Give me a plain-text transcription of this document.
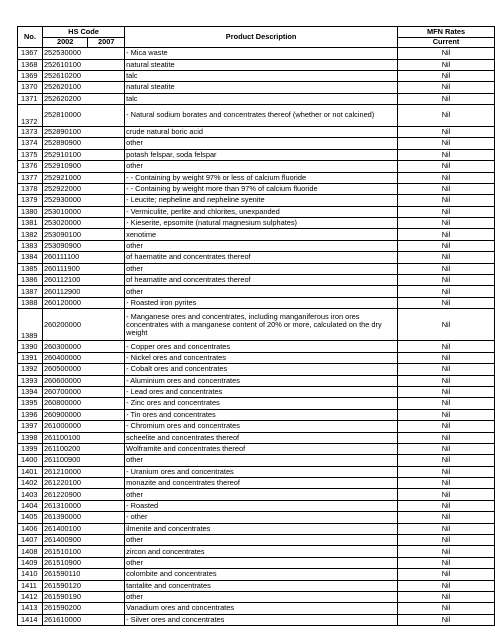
No.	HS Code		Product Description	MFN Rates
	2002	2007		Current
1367	252530000		- Mica waste	Nil
1368	252610100		natural steatite	Nil
1369	252610200		talc	Nil
1370	252620100		natural steatite	Nil
1371	252620200		talc	Nil
1372	252810000		- Natural sodium borates and concentrates thereof (whether or not calcined)	Nil
1373	252890100		crude natural boric acid	Nil
1374	252890900		other	Nil
1375	252910100		potash felspar, soda felspar	Nil
1376	252910900		other	Nil
1377	252921000		- - Containing by weight 97% or less of calcium fluoride	Nil
1378	252922000		- - Containing by weight more than 97% of calcium fluoride	Nil
1379	252930000		- Leucite; nepheline and nepheline syenite	Nil
1380	253010000		- Vermiculite, perlite and chlorites, unexpanded	Nil
1381	253020000		- Kieserite, epsomite (natural magnesium sulphates)	Nil
1382	253090100		xenotime	Nil
1383	253090900		other	Nil
1384	260111100		of haematite and concentrates thereof	Nil
1385	260111900		other	Nil
1386	260112100		of heamatite and concentrates thereof	Nil
1387	260112900		other	Nil
1388	260120000		- Roasted iron pyrites	Nil
1389	260200000		- Manganese ores and concentrates, including manganiferous iron ores concentrates with a manganese content of 20% or more, calculated on the dry weight	Nil
1390	260300000		- Copper ores and concentrates	Nil
1391	260400000		- Nickel ores and concentrates	Nil
1392	260500000		- Cobalt ores and concentrates	Nil
1393	260600000		- Aluminium ores and concentrates	Nil
1394	260700000		- Lead ores and concentrates	Nil
1395	260800000		- Zinc ores and concentrates	Nil
1396	260900000		- Tin ores and concentrates	Nil
1397	261000000		- Chromium ores and concentrates	Nil
1398	261100100		scheelite and concentrates thereof	Nil
1399	261100200		Wolframite and concentrates thereof	Nil
1400	261100900		other	Nil
1401	261210000		- Uranium ores and concentrates	Nil
1402	261220100		monazite and concentrates thereof	Nil
1403	261220900		other	Nil
1404	261310000		- Roasted	Nil
1405	261390000		- other	Nil
1406	261400100		ilmenite and concentrates	Nil
1407	261400900		other	Nil
1408	261510100		zircon and concentrates	Nil
1409	261510900		other	Nil
1410	261590110		colombite and concentrates	Nil
1411	261590120		tantalite and concentrates	Nil
1412	261590190		other	Nil
1413	261590200		Vanadium ores and concentrates	Nil
1414	261610000		- Silver ores and concentrates	Nil
